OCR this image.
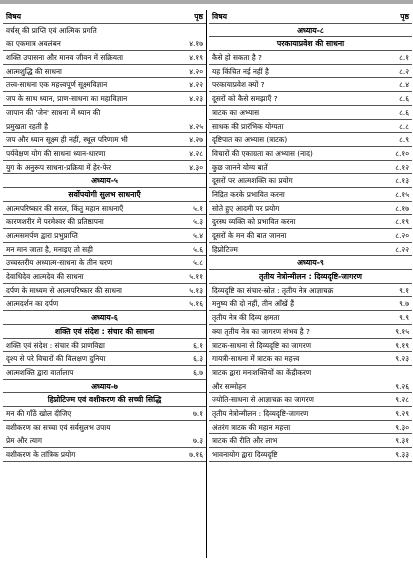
विषय	पृष्ठ
वर्चस् की प्राप्ति एवं आत्मिक प्रगति
का एकमात्र अवलंबन	४.१७
शक्ति उपासना और मानव जीवन में सक्रियता	४.१९
आत्मशुद्धि की साधना	४.२०
तत्त्व-साधना एक महत्त्वपूर्ण सूक्ष्मविज्ञान	४.२२
जप के साथ ध्यान, प्राण-साधना का महाविज्ञान	४.२३
जापान की 'जेन' साधना में ध्यान की
प्रमुखता रहती है	४.२५
जप और ध्यान सूक्ष्म ही नहीं, स्थूल परिणाम भी	४.२७
पर्यवेक्षण योग की साधना ध्यान-धारणा	४.२८
युग के अनुरूप साधना-प्रक्रिया में हेर-फेर	४.३०
अध्याय-५
सर्वोपयोगी सुलभ साधनाएँ
आत्मपरिष्कार की सरल, किंतु महान साधनाएँ	५.१
कारणशरीर में परमेश्वर की प्रतिष्ठापना	५.३
आत्मसमर्पण द्वारा प्रभुप्राप्ति	५.४
मन मान जाता है, मनाइए तो सही	५.६
उच्चस्तरीय अध्यात्म-साधना के तीन चरण	५.८
देवाधिदेव आत्मदेव की साधना	५.११
दर्पण के माध्यम से आत्मपरिष्कार की साधना	५.१३
आत्मदर्शन का दर्पण	५.१६
अध्याय-६
शक्ति एवं संदेश : संचार की साधना
शक्ति एवं संदेश : संचार की प्राणविद्या	६.१
दृश्य से परे विचारों की विलक्षण दुनिया	६.३
आत्मशक्ति द्वारा वार्तालाप	६.७
अध्याय-७
हिप्नोटिज्म एवं वशीकरण की सच्ची सिद्धि
मन की गाँठें खोल दीजिए	७.१
वशीकरण का सच्चा एवं सर्वसुलभ उपाय
प्रेम और त्याग	७.३
वशीकरण के तांत्रिक प्रयोग	७.१६
विषय	पृष्ठ
अध्याय-८
परकायाप्रवेश की साधना
कैसे हो सकता है ?	८.१
यह किंचित नई नहीं है	८.२
परकायाप्रवेश क्यों ?	८.४
दूसरों को कैसे समझाएँ ?	८.६
त्राटक का अभ्यास	८.६
साधक की प्रारंभिक योग्यता	८.८
दृष्टिपात का अभ्यास (त्राटक)	८.९
विचारों की एकाग्रता का अभ्यास (नाद)	८.१०
कुछ जानने योग्य बातें	८.१२
दूसरों पर आत्मशक्ति का प्रयोग	८.१३
निद्रित करके प्रभावित करना	८.१५
सोते हुए आदमी पर प्रयोग	८.१७
दुरस्थ व्यक्ति को प्रभावित करना	८.१९
दूसरों के मन की बात जानना	८.२०
हिप्नोटिज्म	८.२२
अध्याय-९
तृतीय नेत्रोन्मीलन : दिव्यदृष्टि-जागरण
दिव्यदृष्टि का संचार-स्रोत : तृतीय नेत्र आज्ञाचक्र	९.१
मनुष्य की दो नहीं, तीन आँखें हैं	९.७
तृतीय नेत्र की दिव्य क्षमता	९.९
क्या तृतीय नेत्र का जागरण संभव है ?	९.१५
त्राटक-साधना से दिव्यदृष्टि का जागरण	९.१९
गायत्री-साधना में त्राटक का महत्त्व	९.२३
त्राटक द्वारा मनःशक्तियों का केंद्रीकरण
और सम्मोहन	९.२६
ज्योति-साधना से आज्ञाचक्र का जागरण	९.२८
तृतीय नेत्रोन्मीलन : दिव्यदृष्टि-जागरण	९.२९
अंतरंग त्राटक की महान महत्ता	९.३०
त्राटक की रीति और लाभ	९.३१
भावनायोग द्वारा दिव्यदृष्टि	९.३३
